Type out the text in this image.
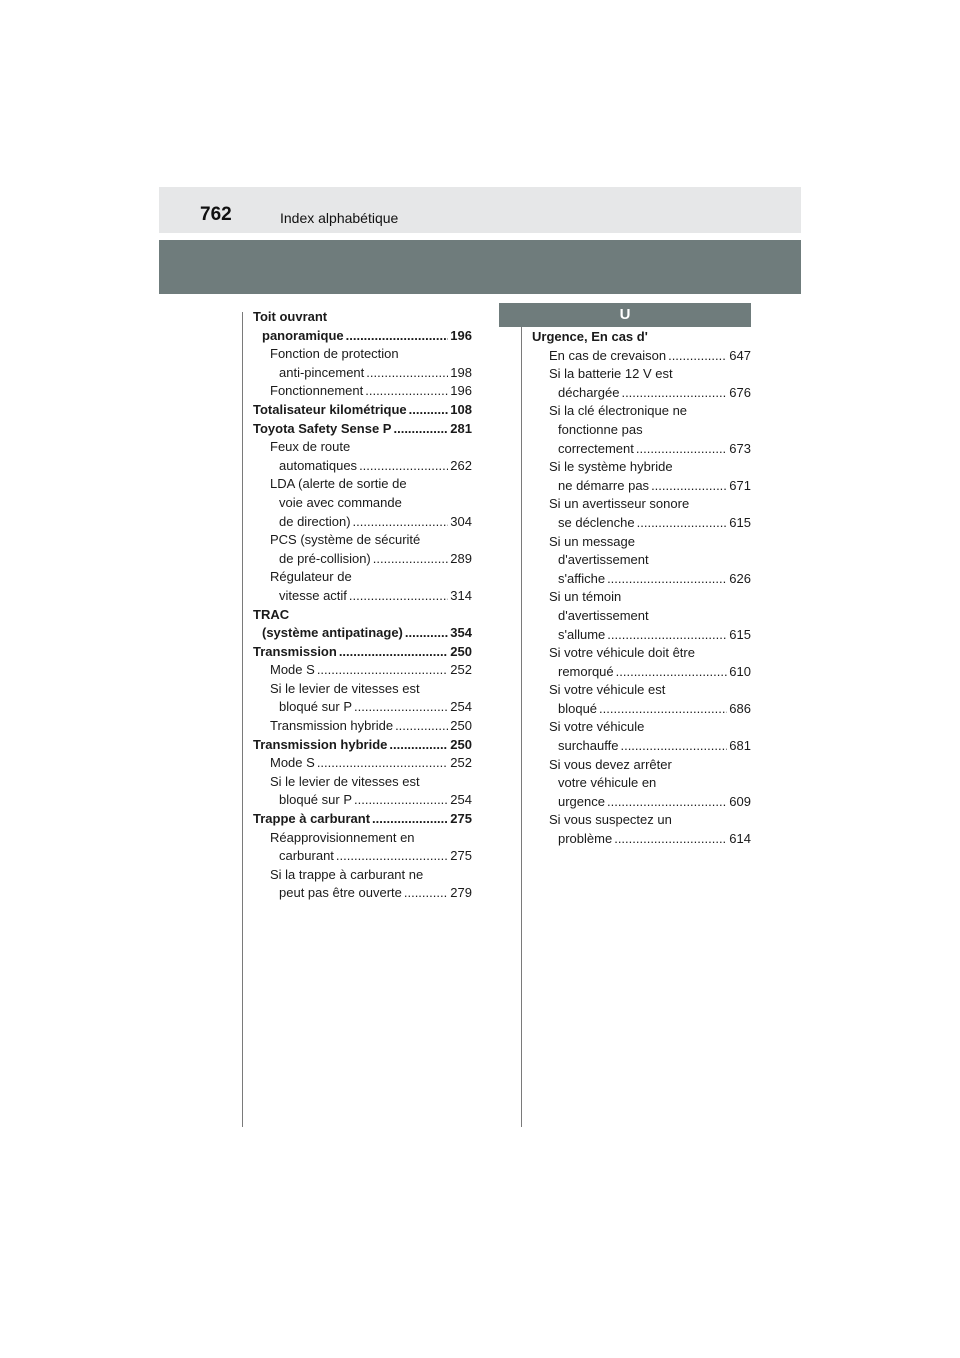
762	Index alphabétique
Toit ouvrant
panoramique .....	196
Fonction de protection
anti-pincement .....	198
Fonctionnement .....	196
Totalisateur kilométrique .....	108
Toyota Safety Sense P .....	281
Feux de route
automatiques .....	262
LDA (alerte de sortie de
voie avec commande
de direction) .....	304
PCS (système de sécurité
de pré-collision) .....	289
Régulateur de
vitesse actif .....	314
TRAC
(système antipatinage) .....	354
Transmission .....	250
Mode S .....	252
Si le levier de vitesses est
bloqué sur P .....	254
Transmission hybride .....	250
Transmission hybride .....	250
Mode S .....	252
Si le levier de vitesses est
bloqué sur P .....	254
Trappe à carburant .....	275
Réapprovisionnement en
carburant .....	275
Si la trappe à carburant ne
peut pas être ouverte .....	279
U
Urgence, En cas d'
En cas de crevaison .....	647
Si la batterie 12 V est
déchargée .....	676
Si la clé électronique ne
fonctionne pas
correctement .....	673
Si le système hybride
ne démarre pas .....	671
Si un avertisseur sonore
se déclenche .....	615
Si un message
d'avertissement
s'affiche .....	626
Si un témoin
d'avertissement
s'allume .....	615
Si votre véhicule doit être
remorqué .....	610
Si votre véhicule est
bloqué .....	686
Si votre véhicule
surchauffe .....	681
Si vous devez arrêter
votre véhicule en
urgence .....	609
Si vous suspectez un
problème .....	614
